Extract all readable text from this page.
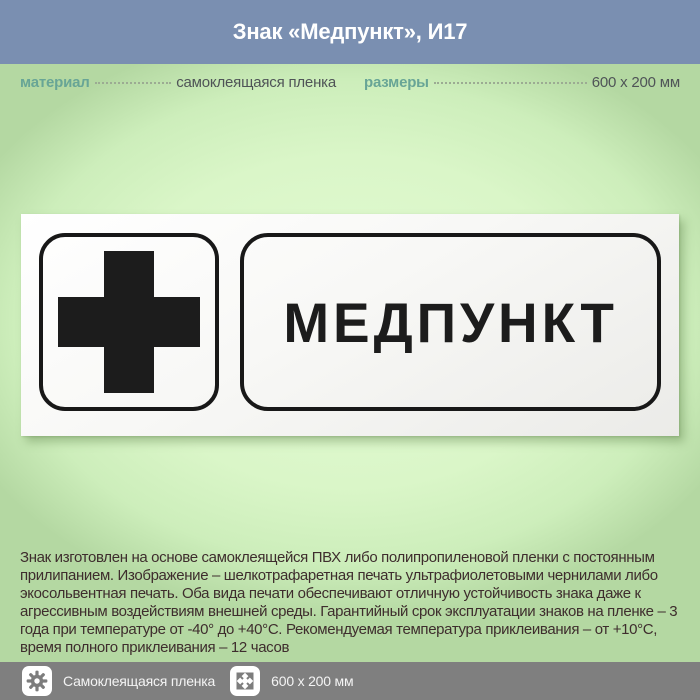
Знак «Медпункт», И17
материал	самоклеящаяся пленка размеры	600 x 200 мм
МЕДПУНКТ

Знак изготовлен на основе самоклеящейся ПВХ либо полипропиленовой пленки с постоянным прилипанием. Изображение – шелкотрафаретная печать ультрафиолетовыми чернилами либо экосольвентная печать. Оба вида печати обеспечивают отличную устойчивость знака даже к агрессивным воздействиям внешней среды. Гарантийный срок эксплуатации знаков на пленке – 3 года при температуре от -40° до +40°С. Рекомендуемая температура приклеивания – от +10°С, время полного приклеивания – 12 часов

Самоклеящаяся пленка	600 x 200 мм
